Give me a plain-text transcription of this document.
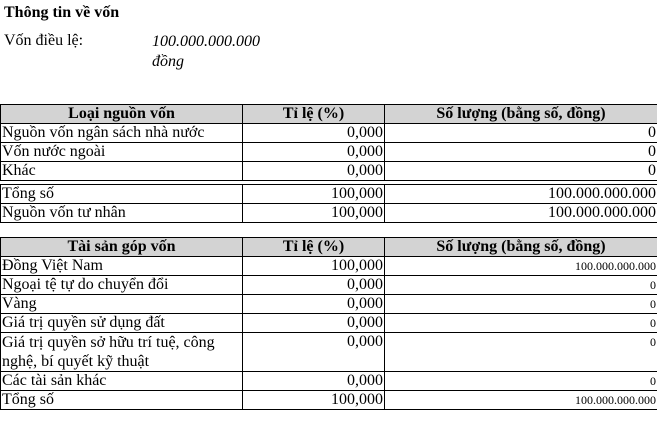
Thông tin về vốn
Vốn điều lệ:	100.000.000.000
đồng
Loại nguồn vốn	Tỉ lệ (%)	Số lượng (bằng số, đồng)
Nguồn vốn ngân sách nhà nước	0,000	0
Vốn nước ngoài	0,000	0
Khác	0,000	0

Tổng số	100,000	100.000.000.000
Nguồn vốn tư nhân	100,000	100.000.000.000
Tài sản góp vốn	Tỉ lệ (%)	Số lượng (bằng số, đồng)
Đồng Việt Nam	100,000	100.000.000.000
Ngoại tệ tự do chuyển đổi	0,000	0
Vàng	0,000	0
Giá trị quyền sử dụng đất	0,000	0
Giá trị quyền sở hữu trí tuệ, công nghệ, bí quyết kỹ thuật	0,000	0
Các tài sản khác	0,000	0
Tổng số	100,000	100.000.000.000
